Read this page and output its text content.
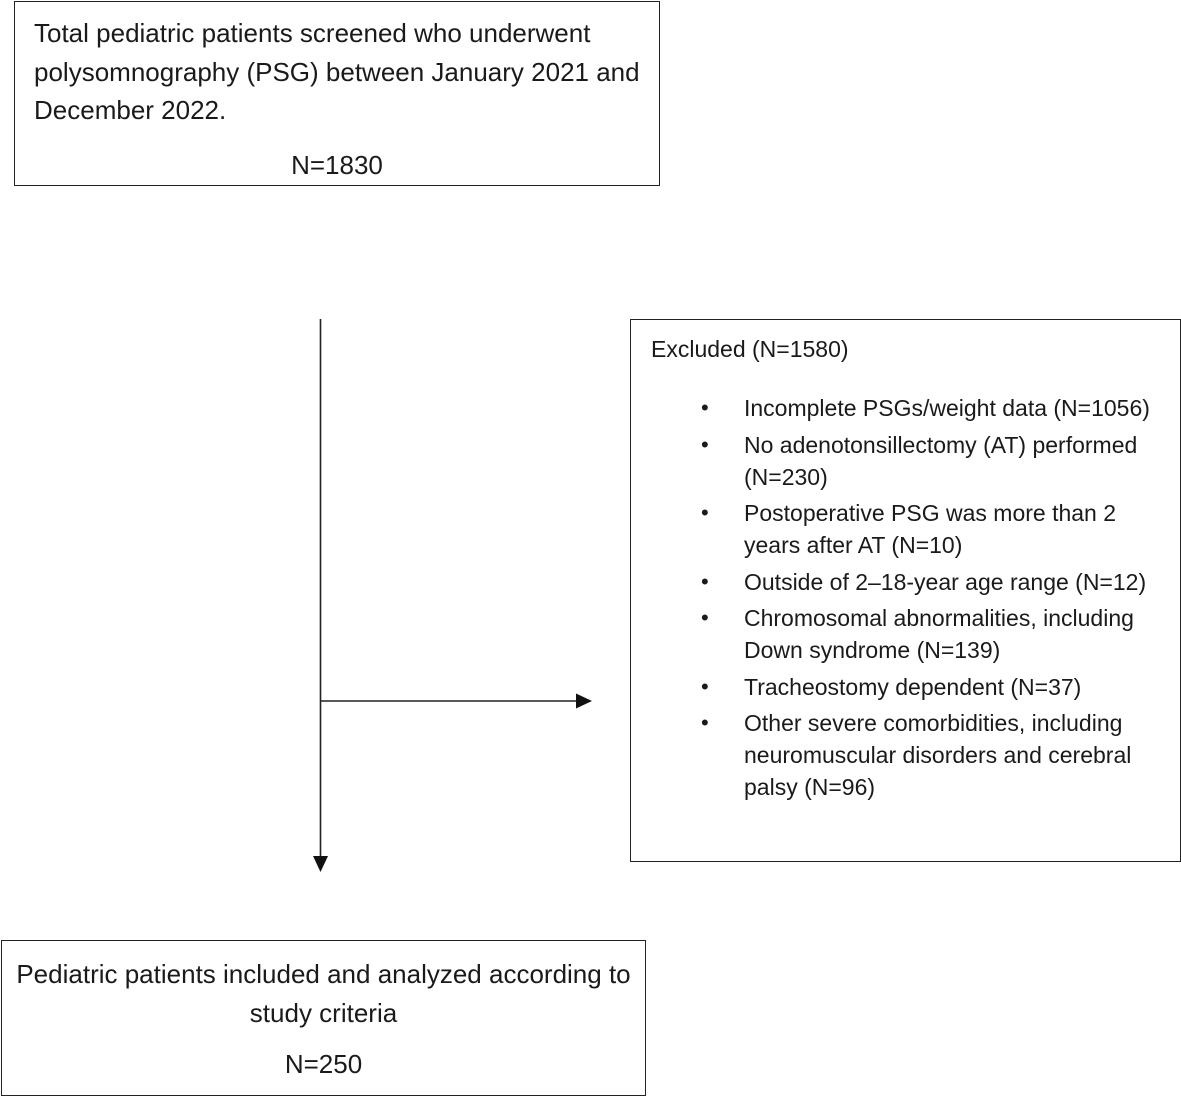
Total pediatric patients screened who underwent polysomnography (PSG) between January 2021 and December 2022.
N=1830
Excluded (N=1580)
• Incomplete PSGs/weight data (N=1056)
• No adenotonsillectomy (AT) performed (N=230)
• Postoperative PSG was more than 2 years after AT (N=10)
• Outside of 2–18-year age range (N=12)
• Chromosomal abnormalities, including Down syndrome (N=139)
• Tracheostomy dependent (N=37)
• Other severe comorbidities, including neuromuscular disorders and cerebral palsy (N=96)
Pediatric patients included and analyzed according to study criteria
N=250
